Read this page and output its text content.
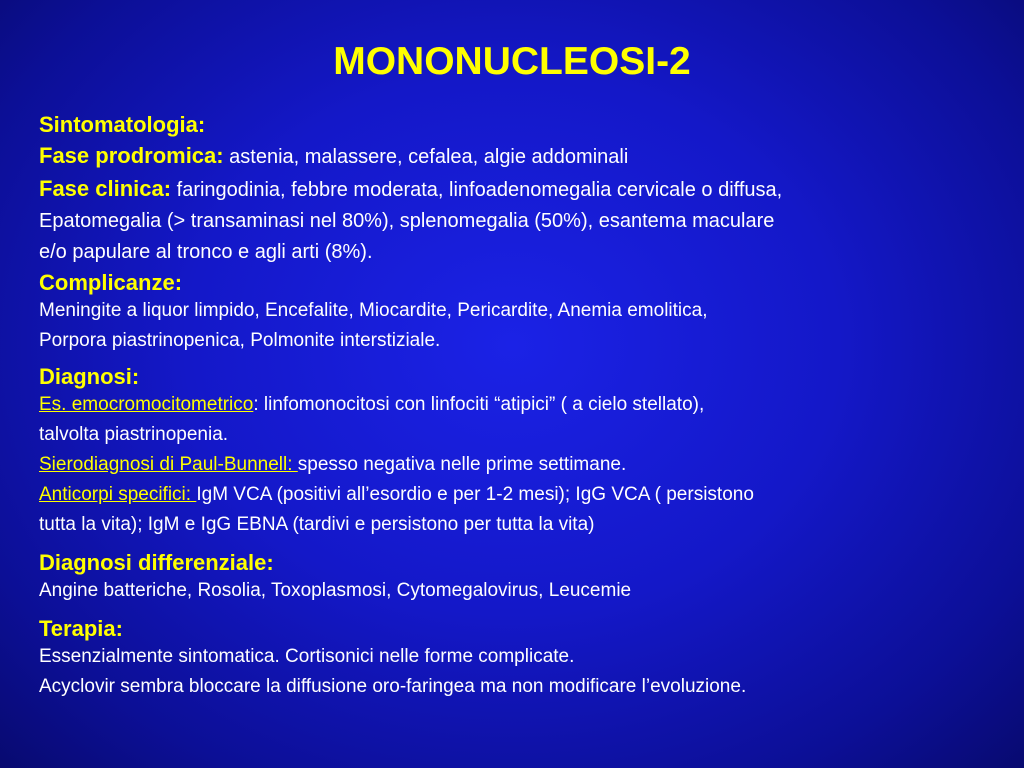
MONONUCLEOSI-2
Sintomatologia:
Fase prodromica: astenia, malassere, cefalea, algie addominali
Fase clinica: faringodinia, febbre moderata, linfoadenomegalia cervicale o diffusa,
Epatomegalia (> transaminasi nel 80%), splenomegalia (50%), esantema maculare
e/o papulare al tronco e agli arti (8%).
Complicanze:
Meningite a liquor limpido, Encefalite, Miocardite, Pericardite, Anemia emolitica,
Porpora piastrinopenica, Polmonite interstiziale.
Diagnosi:
Es. emocromocitometrico: linfomonocitosi con linfociti “atipici” ( a cielo stellato),
talvolta piastrinopenia.
Sierodiagnosi di Paul-Bunnell: spesso negativa nelle prime settimane.
Anticorpi specifici: IgM VCA (positivi all’esordio e per 1-2 mesi); IgG VCA ( persistono
tutta la vita); IgM e IgG EBNA (tardivi e persistono per tutta la vita)
Diagnosi differenziale:
Angine batteriche, Rosolia, Toxoplasmosi, Cytomegalovirus, Leucemie
Terapia:
Essenzialmente sintomatica. Cortisonici nelle forme complicate.
Acyclovir sembra bloccare la diffusione oro-faringea ma non modificare l’evoluzione.
